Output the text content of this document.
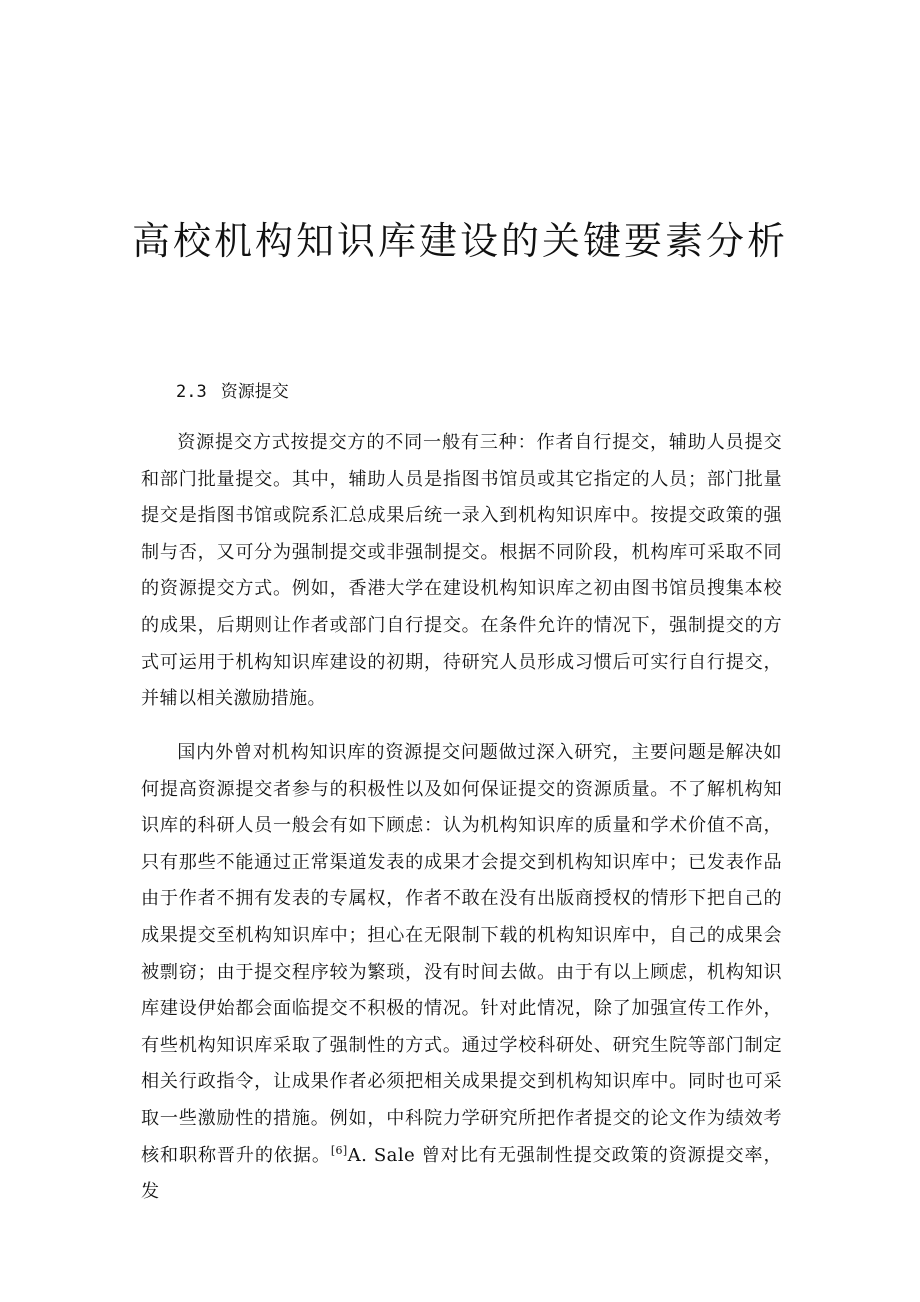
高校机构知识库建设的关键要素分析
2.3 资源提交

资源提交方式按提交方的不同一般有三种：作者自行提交，辅助人员提交和部门批量提交。其中，辅助人员是指图书馆员或其它指定的人员；部门批量提交是指图书馆或院系汇总成果后统一录入到机构知识库中。按提交政策的强制与否，又可分为强制提交或非强制提交。根据不同阶段，机构库可采取不同的资源提交方式。例如，香港大学在建设机构知识库之初由图书馆员搜集本校的成果，后期则让作者或部门自行提交。在条件允许的情况下，强制提交的方式可运用于机构知识库建设的初期，待研究人员形成习惯后可实行自行提交，并辅以相关激励措施。

国内外曾对机构知识库的资源提交问题做过深入研究，主要问题是解决如何提高资源提交者参与的积极性以及如何保证提交的资源质量。不了解机构知识库的科研人员一般会有如下顾虑：认为机构知识库的质量和学术价值不高，只有那些不能通过正常渠道发表的成果才会提交到机构知识库中；已发表作品由于作者不拥有发表的专属权，作者不敢在没有出版商授权的情形下把自己的成果提交至机构知识库中；担心在无限制下载的机构知识库中，自己的成果会被剽窃；由于提交程序较为繁琐，没有时间去做。由于有以上顾虑，机构知识库建设伊始都会面临提交不积极的情况。针对此情况，除了加强宣传工作外，有些机构知识库采取了强制性的方式。通过学校科研处、研究生院等部门制定相关行政指令，让成果作者必须把相关成果提交到机构知识库中。同时也可采取一些激励性的措施。例如，中科院力学研究所把作者提交的论文作为绩效考核和职称晋升的依据。[6]A. Sale 曾对比有无强制性提交政策的资源提交率，发
